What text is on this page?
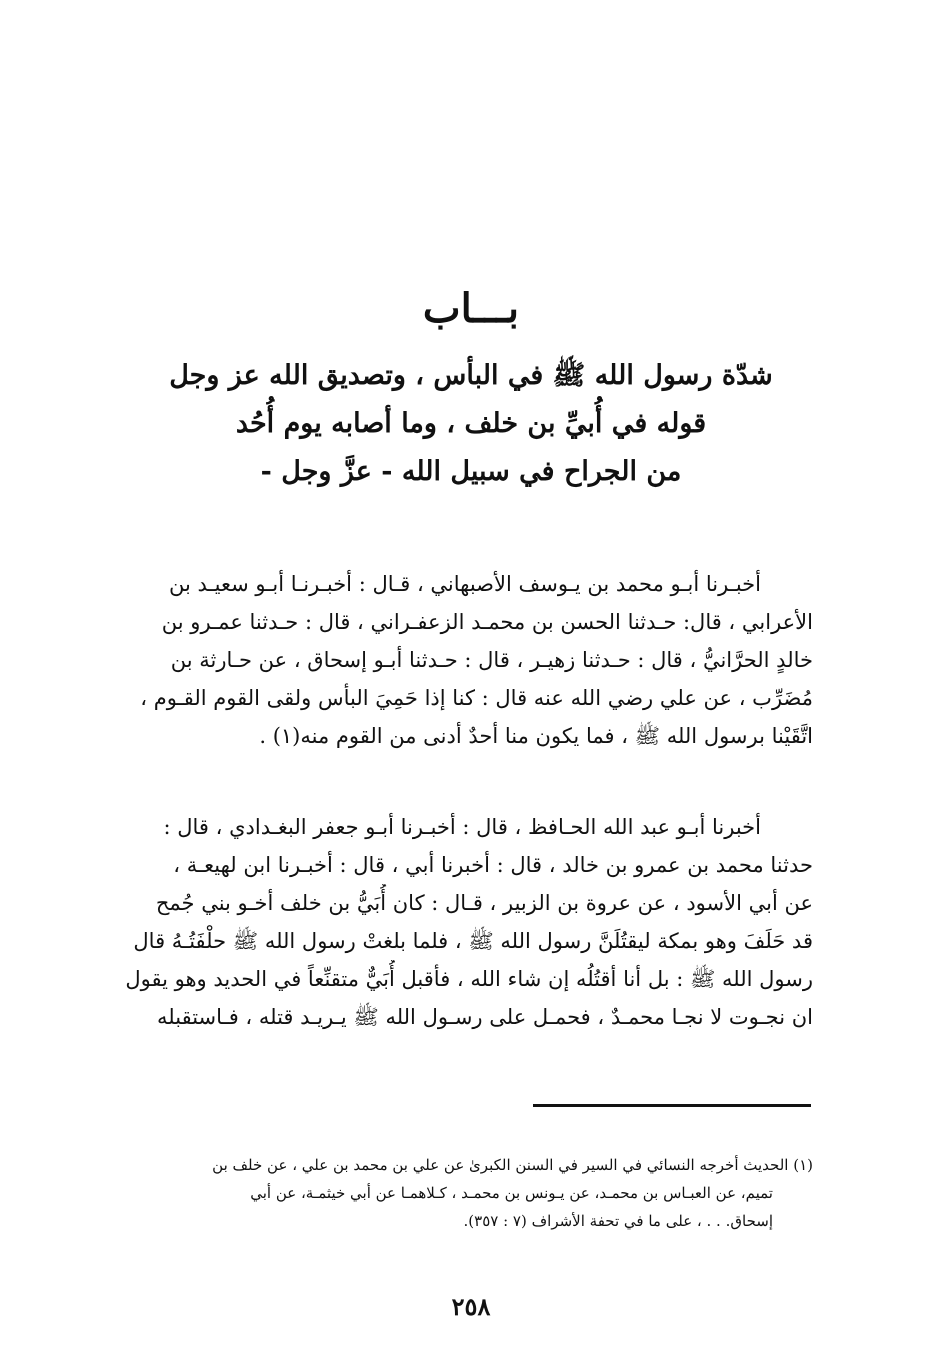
بـــاب
شدّة رسول الله ﷺ في البأس ، وتصديق الله عز وجل
قوله في أُبيِّ بن خلف ، وما أصابه يوم أُحُد
من الجراح في سبيل الله - عزَّ وجل -
أخبـرنا أبـو محمد بن يـوسف الأصبهاني ، قـال : أخبـرنـا أبـو سعيـد بن
الأعرابي ، قال: حـدثنا الحسن بن محمـد الزعفـراني ، قال : حـدثنا عمـرو بن
خالدٍ الحرَّانيُّ ، قال : حـدثنا زهيـر ، قال : حـدثنا أبـو إسحاق ، عن حـارثة بن
مُضَرِّب ، عن علي رضي الله عنه قال : كنا إذا حَمِيَ البأس ولقى القوم القـوم ،
اتَّقَيْنا برسول الله ﷺ ، فما يكون منا أحدٌ أدنى من القوم منه(١) .
أخبرنا أبـو عبد الله الحـافظ ، قال : أخبـرنا أبـو جعفر البغـدادي ، قال :
حدثنا محمد بن عمرو بن خالد ، قال : أخبرنا أبي ، قال : أخبـرنا ابن لهيعـة ،
عن أبي الأسود ، عن عروة بن الزبير ، قـال : كان أُبَيُّ بن خلف أخـو بني جُمح
قد حَلَفَ وهو بمكة ليقتُلَنَّ رسول الله ﷺ ، فلما بلغتْ رسول الله ﷺ حلْفَتُـهُ قال
رسول الله ﷺ : بل أنا أقتُلُه إن شاء الله ، فأقبل أُبَيٌّ متقنِّعاً في الحديد وهو يقول
ان نجـوت لا نجـا محمـدٌ ، فحمـل على رسـول الله ﷺ يـريـد قتله ، فـاستقبله
(١) الحديث أخرجه النسائي في السير في السنن الكبرىٰ عن علي بن محمد بن علي ، عن خلف بن
تميم، عن العبـاس بن محمـد، عن يـونس بن محمـد ، كـلاهمـا عن أبي خيثمـة، عن أبي
إسحاق. . . ، على ما في تحفة الأشراف (٧ : ٣٥٧).
٢٥٨
